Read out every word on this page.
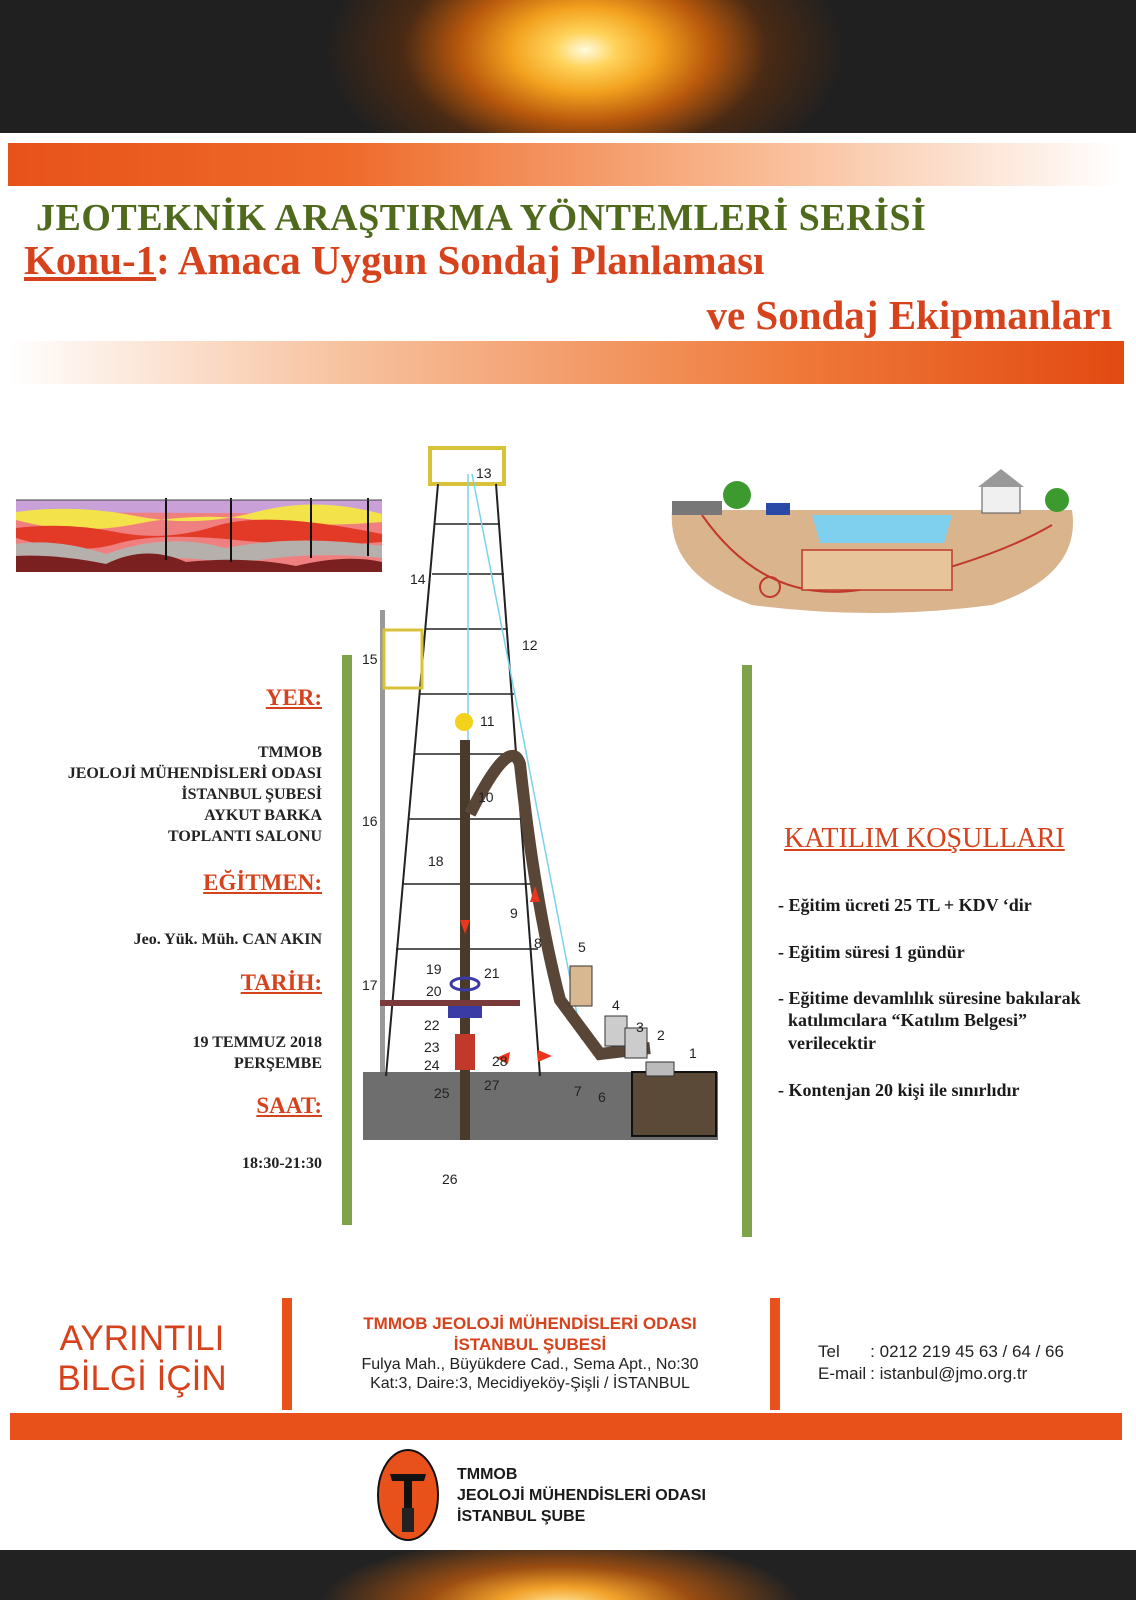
JEOTEKNİK ARAŞTIRMA YÖNTEMLERİ SERİSİ
Konu-1: Amaca Uygun Sondaj Planlaması
ve Sondaj Ekipmanları
1
2
3
4
5
6
7
8
9
10
11
12
13
14
15
16
17
18
19
20
21
22
23
24
25
26
27
28
YER:
TMMOB
JEOLOJİ MÜHENDİSLERİ ODASI
İSTANBUL ŞUBESİ
AYKUT BARKA
TOPLANTI SALONU
EĞİTMEN:
Jeo. Yük. Müh. CAN AKIN
TARİH:
19 TEMMUZ 2018
PERŞEMBE
SAAT:
18:30-21:30
KATILIM KOŞULLARI
- Eğitim ücreti 25 TL + KDV ‘dir
- Eğitim süresi 1 gündür
- Eğitime devamlılık süresine bakılarak
katılımcılara “Katılım Belgesi”
verilecektir
- Kontenjan 20 kişi ile sınırlıdır
AYRINTILI
BİLGİ İÇİN
TMMOB JEOLOJİ MÜHENDİSLERİ ODASI
İSTANBUL ŞUBESİ
Fulya Mah., Büyükdere Cad., Sema Apt., No:30
Kat:3, Daire:3, Mecidiyeköy-Şişli / İSTANBUL
Tel	: 0212 219 45 63 / 64 / 66
E-mail	: istanbul@jmo.org.tr
TMMOB
JEOLOJİ MÜHENDİSLERİ ODASI
İSTANBUL ŞUBE
